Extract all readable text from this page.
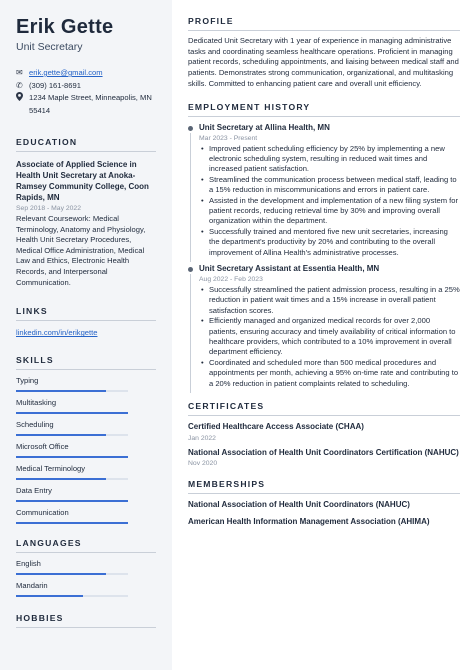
Erik Gette
Unit Secretary
✉ erik.gette@gmail.com
✆ (309) 161-8691
1234 Maple Street, Minneapolis, MN 55414
EDUCATION
Associate of Applied Science in Health Unit Secretary at Anoka-Ramsey Community College, Coon Rapids, MN
Sep 2018 - May 2022
Relevant Coursework: Medical Terminology, Anatomy and Physiology, Health Unit Secretary Procedures, Medical Office Administration, Medical Law and Ethics, Electronic Health Records, and Interpersonal Communication.
LINKS
linkedin.com/in/erikgette
SKILLS
Typing
Multitasking
Scheduling
Microsoft Office
Medical Terminology
Data Entry
Communication
LANGUAGES
English
Mandarin
HOBBIES
PROFILE
Dedicated Unit Secretary with 1 year of experience in managing administrative tasks and coordinating seamless healthcare operations. Proficient in managing patient records, scheduling appointments, and liaising between medical staff and patients. Demonstrates strong communication, organizational, and multitasking skills. Committed to enhancing patient care and overall unit efficiency.
EMPLOYMENT HISTORY
Unit Secretary at Allina Health, MN
Mar 2023 - Present
• Improved patient scheduling efficiency by 25% by implementing a new electronic scheduling system, resulting in reduced wait times and increased patient satisfaction.
• Streamlined the communication process between medical staff, leading to a 15% reduction in miscommunications and errors in patient care.
• Assisted in the development and implementation of a new filing system for patient records, reducing retrieval time by 30% and improving overall organization within the department.
• Successfully trained and mentored five new unit secretaries, increasing the department's productivity by 20% and contributing to the overall improvement of Allina Health's administrative processes.
Unit Secretary Assistant at Essentia Health, MN
Aug 2022 - Feb 2023
• Successfully streamlined the patient admission process, resulting in a 25% reduction in patient wait times and a 15% increase in overall patient satisfaction scores.
• Efficiently managed and organized medical records for over 2,000 patients, ensuring accuracy and timely availability of critical information to healthcare providers, which contributed to a 10% improvement in overall department efficiency.
• Coordinated and scheduled more than 500 medical procedures and appointments per month, achieving a 95% on-time rate and contributing to a 20% reduction in patient complaints related to scheduling.
CERTIFICATES
Certified Healthcare Access Associate (CHAA)
Jan 2022
National Association of Health Unit Coordinators Certification (NAHUC)
Nov 2020
MEMBERSHIPS
National Association of Health Unit Coordinators (NAHUC)
American Health Information Management Association (AHIMA)
